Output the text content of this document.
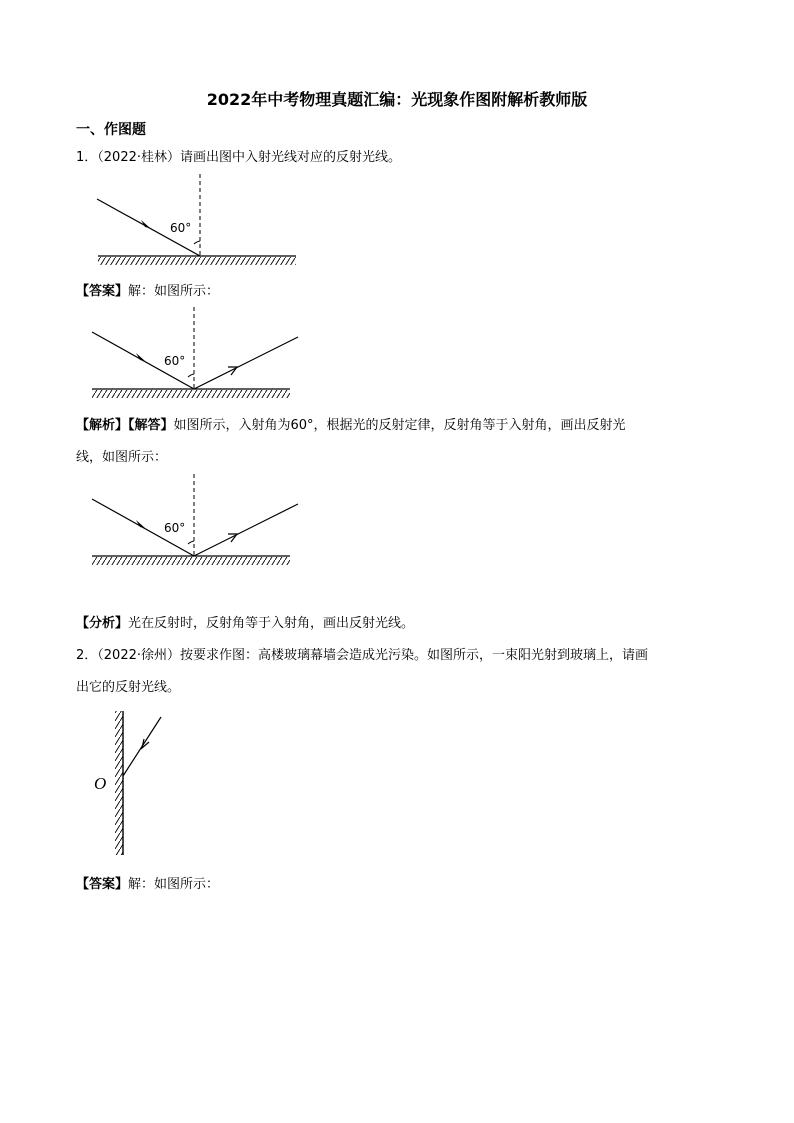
2022年中考物理真题汇编：光现象作图附解析教师版
一、作图题
1．（2022·桂林）请画出图中入射光线对应的反射光线。
60°
【答案】解：如图所示：
60°
【解析】【解答】如图所示，入射角为60°，根据光的反射定律，反射角等于入射角，画出反射光
线，如图所示：
60°
【分析】光在反射时，反射角等于入射角，画出反射光线。
2．（2022·徐州）按要求作图：高楼玻璃幕墙会造成光污染。如图所示，一束阳光射到玻璃上，请画
出它的反射光线。
O
【答案】解：如图所示：
